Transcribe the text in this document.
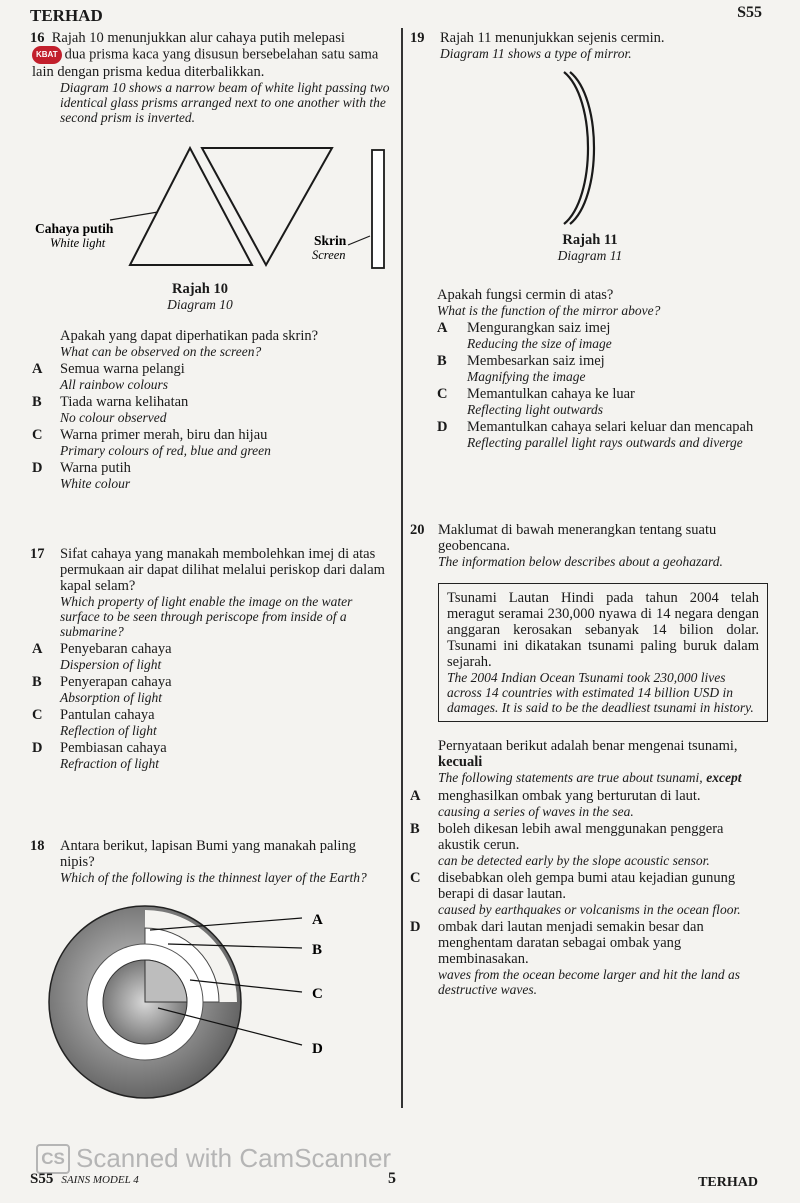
TERHAD	S55
16 Rajah 10 menunjukkan alur cahaya putih melepasi
KBAT dua prisma kaca yang disusun bersebelahan satu sama lain dengan prisma kedua diterbalikkan.
Diagram 10 shows a narrow beam of white light passing two identical glass prisms arranged next to one another with the second prism is inverted.
Cahaya putih
White light	Skrin
Screen
Rajah 10
Diagram 10
Apakah yang dapat diperhatikan pada skrin?
What can be observed on the screen?
A Semua warna pelangi
All rainbow colours
B Tiada warna kelihatan
No colour observed
C Warna primer merah, biru dan hijau
Primary colours of red, blue and green
D Warna putih
White colour
17 Sifat cahaya yang manakah membolehkan imej di atas permukaan air dapat dilihat melalui periskop dari dalam kapal selam?
Which property of light enable the image on the water surface to be seen through periscope from inside of a submarine?
A Penyebaran cahaya
Dispersion of light
B Penyerapan cahaya
Absorption of light
C Pantulan cahaya
Reflection of light
D Pembiasan cahaya
Refraction of light
18 Antara berikut, lapisan Bumi yang manakah paling nipis?
Which of the following is the thinnest layer of the Earth?
A
B
C
D
19 Rajah 11 menunjukkan sejenis cermin.
Diagram 11 shows a type of mirror.
Rajah 11
Diagram 11
Apakah fungsi cermin di atas?
What is the function of the mirror above?
A Mengurangkan saiz imej
Reducing the size of image
B Membesarkan saiz imej
Magnifying the image
C Memantulkan cahaya ke luar
Reflecting light outwards
D Memantulkan cahaya selari keluar dan mencapah
Reflecting parallel light rays outwards and diverge
20 Maklumat di bawah menerangkan tentang suatu geobencana.
The information below describes about a geohazard.
Tsunami Lautan Hindi pada tahun 2004 telah meragut seramai 230,000 nyawa di 14 negara dengan anggaran kerosakan sebanyak 14 bilion dolar. Tsunami ini dikatakan tsunami paling buruk dalam sejarah.
The 2004 Indian Ocean Tsunami took 230,000 lives across 14 countries with estimated 14 billion USD in damages. It is said to be the deadliest tsunami in history.
Pernyataan berikut adalah benar mengenai tsunami, kecuali
The following statements are true about tsunami, except
A menghasilkan ombak yang berturutan di laut.
causing a series of waves in the sea.
B boleh dikesan lebih awal menggunakan penggera akustik cerun.
can be detected early by the slope acoustic sensor.
C disebabkan oleh gempa bumi atau kejadian gunung berapi di dasar lautan.
caused by earthquakes or volcanisms in the ocean floor.
D ombak dari lautan menjadi semakin besar dan menghentam daratan sebagai ombak yang membinasakan.
waves from the ocean become larger and hit the land as destructive waves.
CS Scanned with CamScanner
S55 SAINS MODEL 4	5	TERHAD
